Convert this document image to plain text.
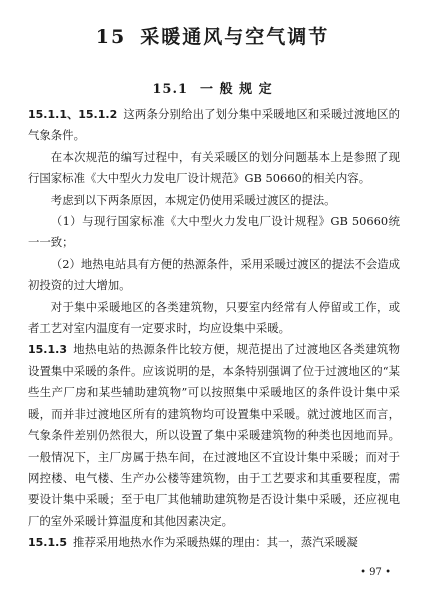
15 采暖通风与空气调节
15.1 一 般 规 定

15.1.1、15.1.2 这两条分别给出了划分集中采暖地区和采暖过渡地区的气象条件。

在本次规范的编写过程中，有关采暖区的划分问题基本上是参照了现行国家标准《大中型火力发电厂设计规范》GB 50660的相关内容。

考虑到以下两条原因，本规定仍使用采暖过渡区的提法。

（1）与现行国家标准《大中型火力发电厂设计规程》GB 50660统一一致；

（2）地热电站具有方便的热源条件，采用采暖过渡区的提法不会造成初投资的过大增加。

对于集中采暖地区的各类建筑物，只要室内经常有人停留或工作，或者工艺对室内温度有一定要求时，均应设集中采暖。

15.1.3 地热电站的热源条件比较方便，规范提出了过渡地区各类建筑物设置集中采暖的条件。应该说明的是，本条特别强调了位于过渡地区的“某些生产厂房和某些辅助建筑物”可以按照集中采暖地区的条件设计集中采暖，而并非过渡地区所有的建筑物均可设置集中采暖。就过渡地区而言，气象条件差别仍然很大，所以设置了集中采暖建筑物的种类也因地而异。一般情况下，主厂房属于热车间，在过渡地区不宜设计集中采暖；而对于网控楼、电气楼、生产办公楼等建筑物，由于工艺要求和其重要程度，需要设计集中采暖；至于电厂其他辅助建筑物是否设计集中采暖，还应视电厂的室外采暖计算温度和其他因素决定。

15.1.5 推荐采用地热水作为采暖热媒的理由：其一，蒸汽采暖凝

• 97 •
